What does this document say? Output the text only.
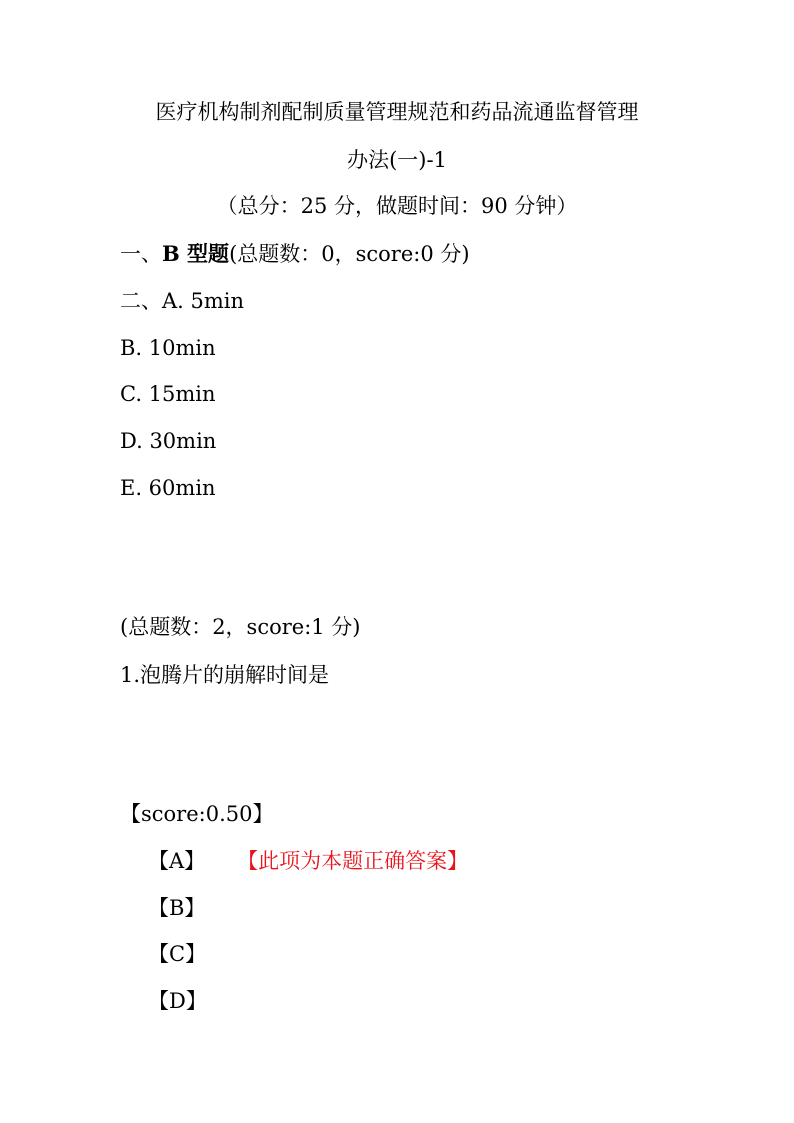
医疗机构制剂配制质量管理规范和药品流通监督管理
办法(一)-1
（总分：25 分，做题时间：90 分钟）
一、B 型题(总题数：0，score:0 分)
二、A. 5min
B. 10min
C. 15min
D. 30min
E. 60min
(总题数：2，score:1 分)
1.泡腾片的崩解时间是
【score:0.50】
【A】 【此项为本题正确答案】
【B】
【C】
【D】
